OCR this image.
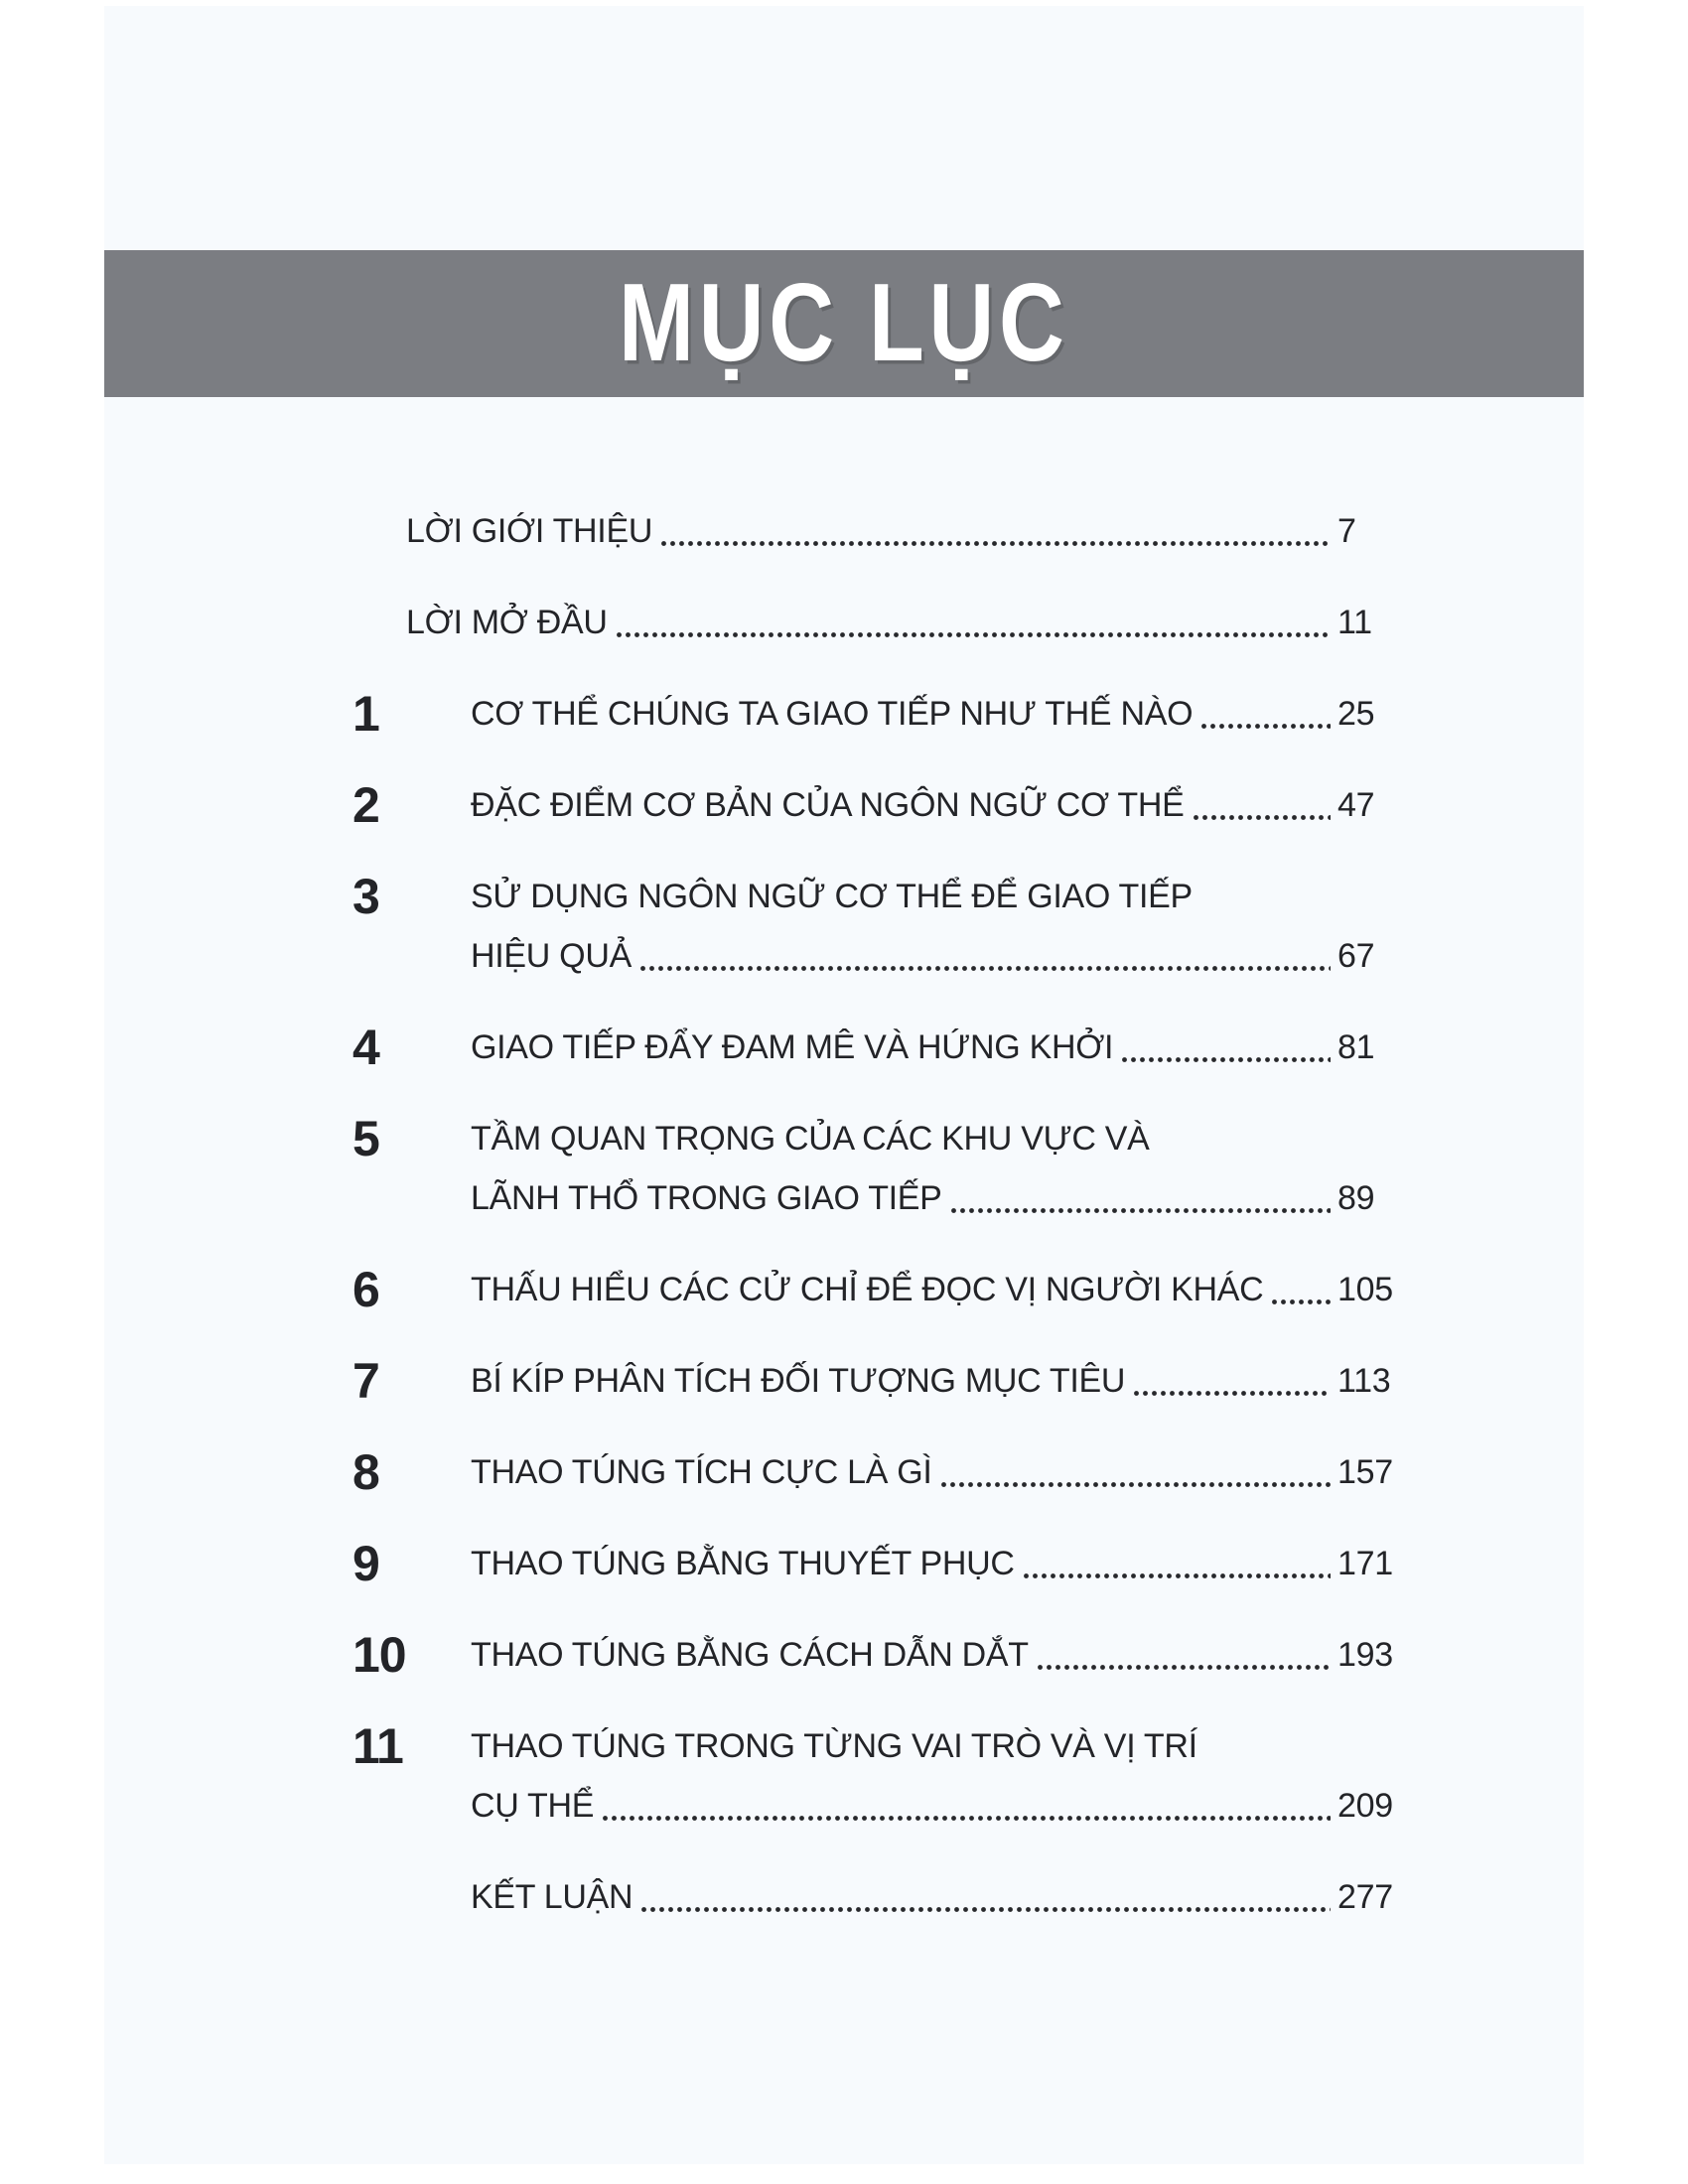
MỤC LỤC
LỜI GIỚI THIỆU	7
LỜI MỞ ĐẦU	11
1	CƠ THỂ CHÚNG TA GIAO TIẾP NHƯ THẾ NÀO	25
2	ĐẶC ĐIỂM CƠ BẢN CỦA NGÔN NGỮ CƠ THỂ	47
3	SỬ DỤNG NGÔN NGỮ CƠ THỂ ĐỂ GIAO TIẾP
HIỆU QUẢ	67
4	GIAO TIẾP ĐẨY ĐAM MÊ VÀ HỨNG KHỞI	81
5	TẦM QUAN TRỌNG CỦA CÁC KHU VỰC VÀ
LÃNH THỔ TRONG GIAO TIẾP	89
6	THẤU HIỂU CÁC CỬ CHỈ ĐỂ ĐỌC VỊ NGƯỜI KHÁC 105
7	BÍ KÍP PHÂN TÍCH ĐỐI TƯỢNG MỤC TIÊU	113
8	THAO TÚNG TÍCH CỰC LÀ GÌ	157
9	THAO TÚNG BẰNG THUYẾT PHỤC	171
10	THAO TÚNG BẰNG CÁCH DẪN DẮT	193
11	THAO TÚNG TRONG TỪNG VAI TRÒ VÀ VỊ TRÍ
CỤ THỂ	209
KẾT LUẬN	277
